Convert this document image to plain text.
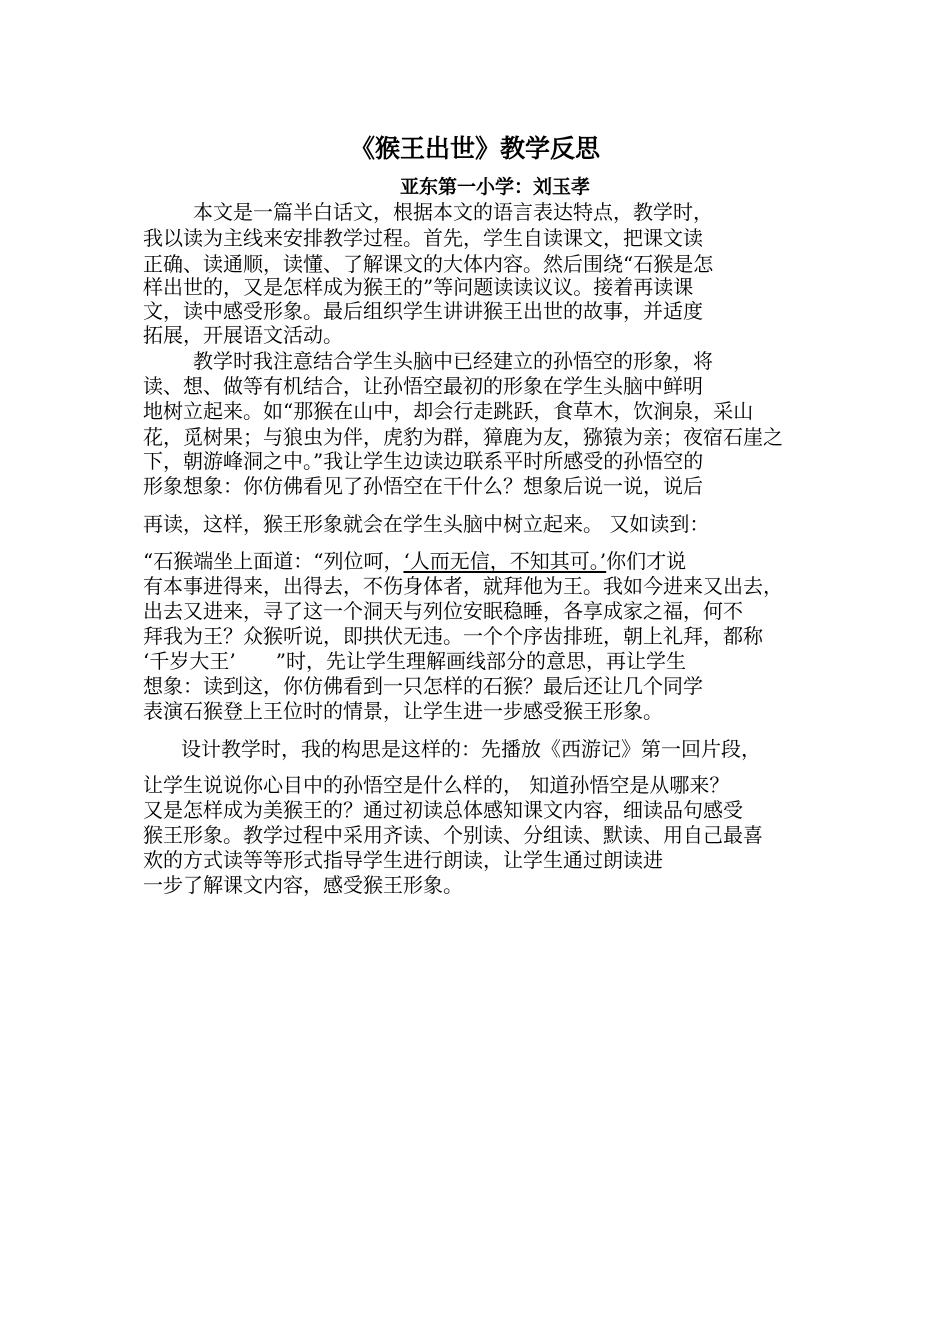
《猴王出世》教学反思
亚东第一小学：刘玉孝

本文是一篇半白话文，根据本文的语言表达特点，教学时，

我以读为主线来安排教学过程。首先，学生自读课文，把课文读

正确、读通顺，读懂、了解课文的大体内容。然后围绕“石猴是怎

样出世的，又是怎样成为猴王的”等问题读读议议。接着再读课

文，读中感受形象。最后组织学生讲讲猴王出世的故事，并适度

拓展，开展语文活动。

教学时我注意结合学生头脑中已经建立的孙悟空的形象，将

读、想、做等有机结合，让孙悟空最初的形象在学生头脑中鲜明

地树立起来。如“那猴在山中，却会行走跳跃，食草木，饮涧泉，采山

花，觅树果；与狼虫为伴，虎豹为群，獐鹿为友，猕猿为亲；夜宿石崖之

下，朝游峰洞之中。”我让学生边读边联系平时所感受的孙悟空的

形象想象：你仿佛看见了孙悟空在干什么？想象后说一说，说后

再读，这样，猴王形象就会在学生头脑中树立起来。 又如读到：

“石猴端坐上面道：“列位呵，‘人而无信，不知其可。’你们才说

有本事进得来，出得去，不伤身体者，就拜他为王。我如今进来又出去，

出去又进来，寻了这一个洞天与列位安眠稳睡，各享成家之福，何不

拜我为王？众猴听说，即拱伏无违。一个个序齿排班，朝上礼拜，都称

‘千岁大王’　　”时，先让学生理解画线部分的意思，再让学生

想象：读到这，你仿佛看到一只怎样的石猴？最后还让几个同学

表演石猴登上王位时的情景，让学生进一步感受猴王形象。

设计教学时，我的构思是这样的：先播放《西游记》第一回片段，

让学生说说你心目中的孙悟空是什么样的， 知道孙悟空是从哪来？

又是怎样成为美猴王的？通过初读总体感知课文内容，细读品句感受

猴王形象。教学过程中采用齐读、个别读、分组读、默读、用自己最喜

欢的方式读等等形式指导学生进行朗读，让学生通过朗读进

一步了解课文内容，感受猴王形象。
